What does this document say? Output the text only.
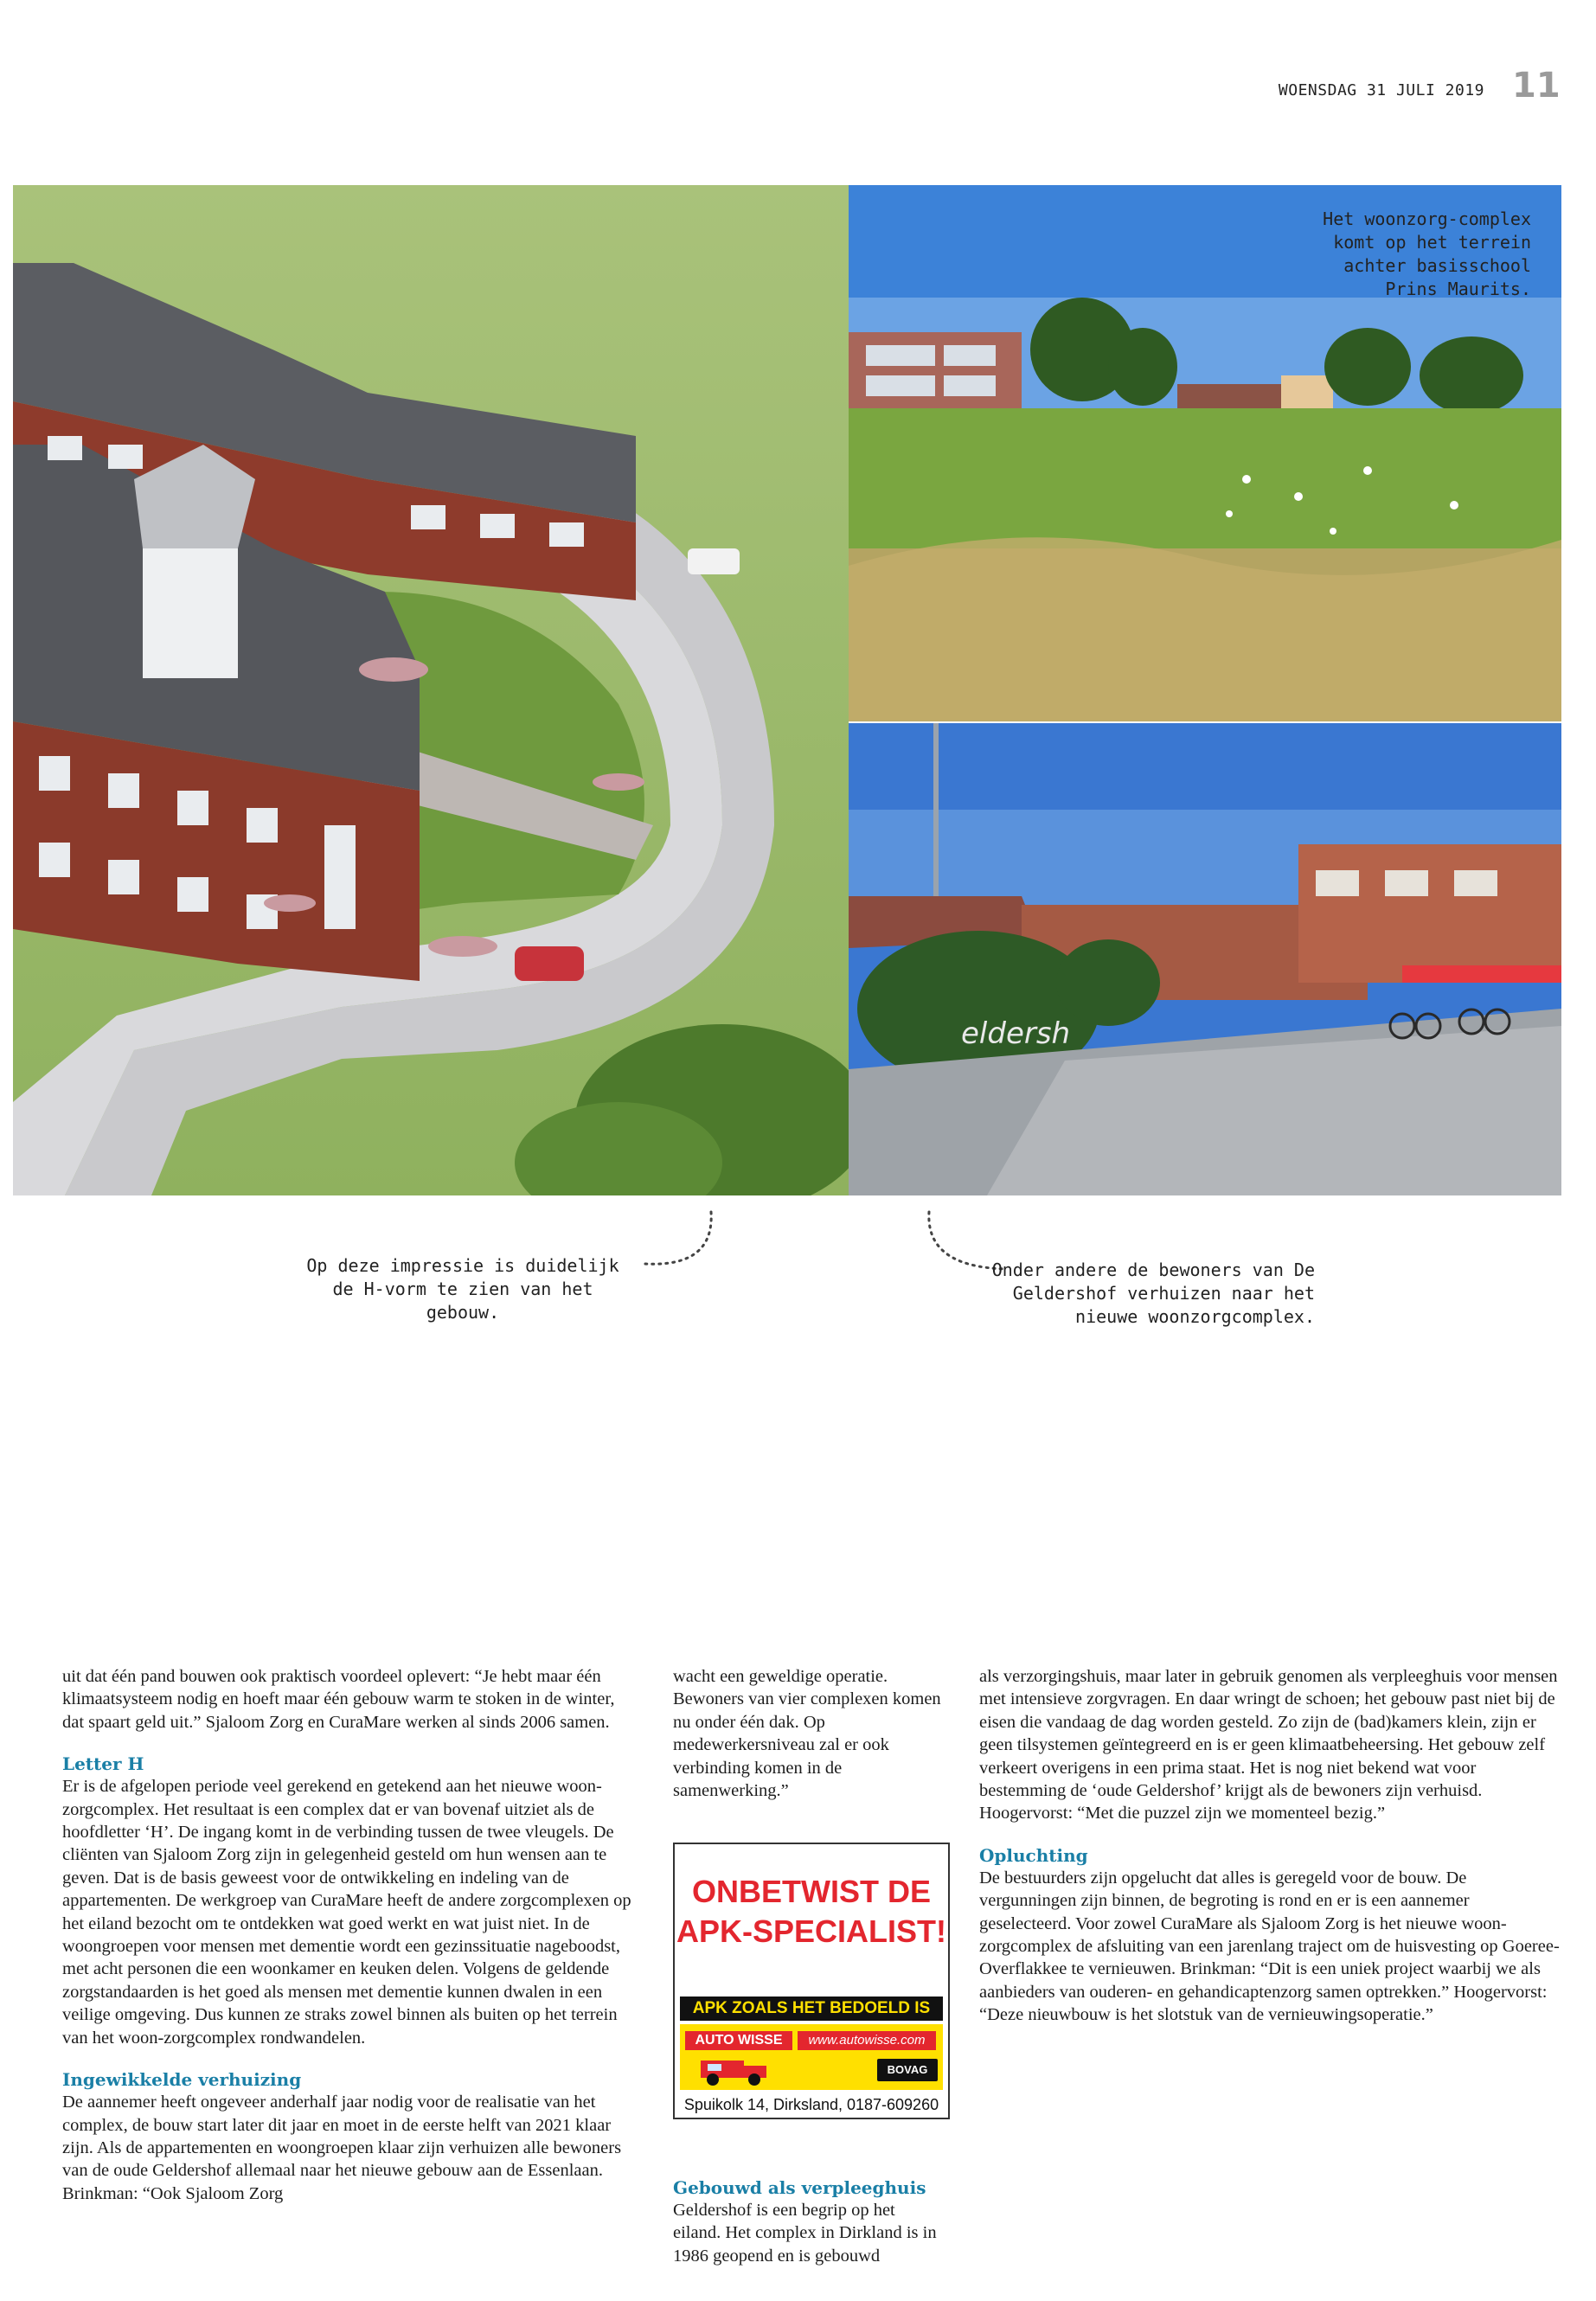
WOENSDAG 31 JULI 2019 11
eldersh
Het woonzorg-complex komt op het terrein achter basisschool Prins Maurits.
Op deze impressie is duidelijk de H-vorm te zien van het gebouw.
Onder andere de bewoners van De Geldershof verhuizen naar het nieuwe woonzorgcomplex.

uit dat één pand bouwen ook praktisch voordeel oplevert: “Je hebt maar één klimaatsysteem nodig en hoeft maar één gebouw warm te stoken in de winter, dat spaart geld uit.” Sjaloom Zorg en CuraMare werken al sinds 2006 samen.

Letter H

Er is de afgelopen periode veel gerekend en getekend aan het nieuwe woon-zorgcomplex. Het resultaat is een complex dat er van bovenaf uitziet als de hoofdletter ‘H’. De ingang komt in de verbinding tussen de twee vleugels. De cliënten van Sjaloom Zorg zijn in gelegenheid gesteld om hun wensen aan te geven. Dat is de basis geweest voor de ontwikkeling en indeling van de appartementen. De werkgroep van CuraMare heeft de andere zorgcomplexen op het eiland bezocht om te ontdekken wat goed werkt en wat juist niet. In de woongroepen voor mensen met dementie wordt een gezinssituatie nageboodst, met acht personen die een woonkamer en keuken delen. Volgens de geldende zorgstandaarden is het goed als mensen met dementie kunnen dwalen in een veilige omgeving. Dus kunnen ze straks zowel binnen als buiten op het terrein van het woon-zorgcomplex rondwandelen.

Ingewikkelde verhuizing

De aannemer heeft ongeveer anderhalf jaar nodig voor de realisatie van het complex, de bouw start later dit jaar en moet in de eerste helft van 2021 klaar zijn. Als de appartementen en woongroepen klaar zijn verhuizen alle bewoners van de oude Geldershof allemaal naar het nieuwe gebouw aan de Essenlaan. Brinkman: “Ook Sjaloom Zorg

wacht een geweldige operatie. Bewoners van vier complexen komen nu onder één dak. Op medewerkersniveau zal er ook verbinding komen in de samenwerking.”

ONBETWIST DE
APK-SPECIALIST!
APK ZOALS HET BEDOELD IS
AUTO WISSE	www.autowisse.com
BOVAG
Spuikolk 14, Dirksland, 0187-609260
Gebouwd als verpleeghuis

Geldershof is een begrip op het eiland. Het complex in Dirkland is in 1986 geopend en is gebouwd

als verzorgingshuis, maar later in gebruik genomen als verpleeghuis voor mensen met intensieve zorgvragen. En daar wringt de schoen; het gebouw past niet bij de eisen die vandaag de dag worden gesteld. Zo zijn de (bad)kamers klein, zijn er geen tilsystemen geïntegreerd en is er geen klimaatbeheersing. Het gebouw zelf verkeert overigens in een prima staat. Het is nog niet bekend wat voor bestemming de ‘oude Geldershof’ krijgt als de bewoners zijn verhuisd. Hoogervorst: “Met die puzzel zijn we momenteel bezig.”

Opluchting

De bestuurders zijn opgelucht dat alles is geregeld voor de bouw. De vergunningen zijn binnen, de begroting is rond en er is een aannemer geselecteerd. Voor zowel CuraMare als Sjaloom Zorg is het nieuwe woon-zorgcomplex de afsluiting van een jarenlang traject om de huisvesting op Goeree-Overflakkee te vernieuwen. Brinkman: “Dit is een uniek project waarbij we als aanbieders van ouderen- en gehandicaptenzorg samen optrekken.” Hoogervorst: “Deze nieuwbouw is het slotstuk van de vernieuwingsoperatie.”
